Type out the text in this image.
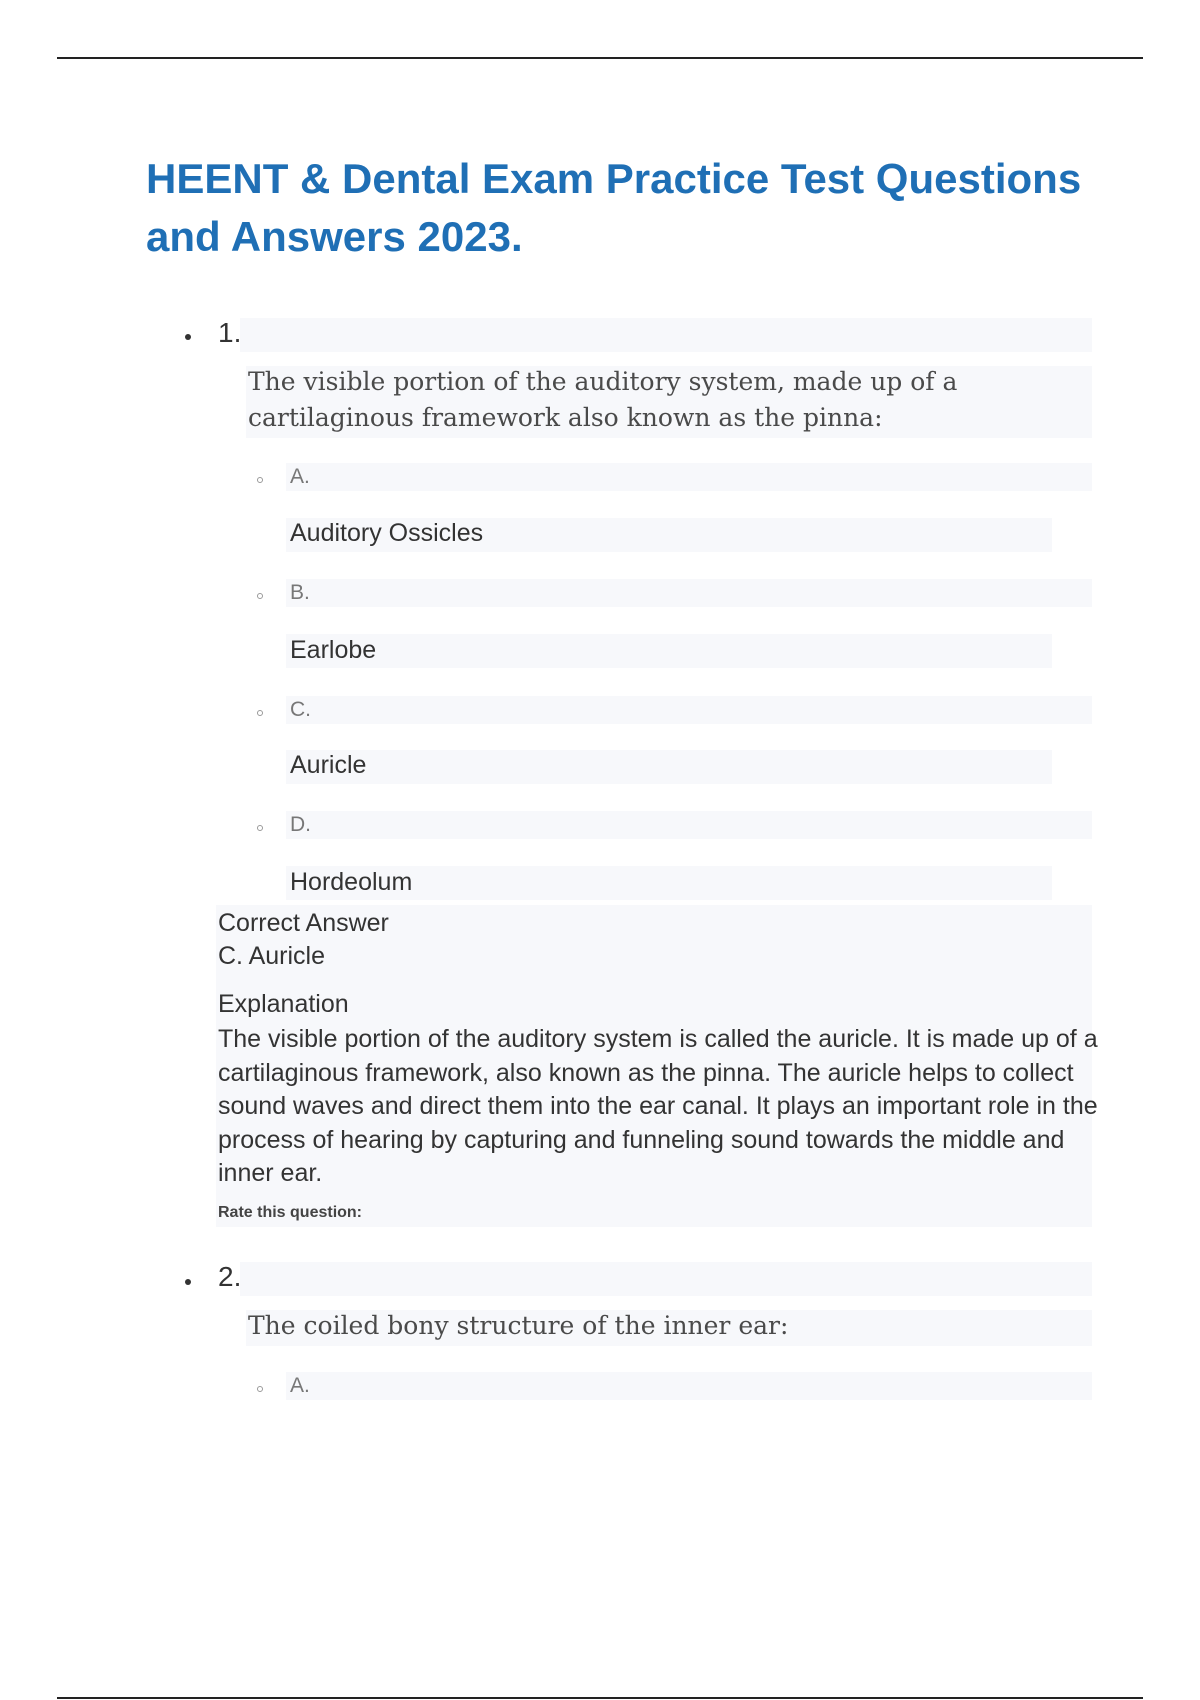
HEENT & Dental Exam Practice Test Questions and Answers 2023.
1.

The visible portion of the auditory system, made up of a cartilaginous framework also known as the pinna:

A.
Auditory Ossicles
B.
Earlobe
C.
Auricle
D.
Hordeolum
Correct Answer
C. Auricle
Explanation

The visible portion of the auditory system is called the auricle. It is made up of a cartilaginous framework, also known as the pinna. The auricle helps to collect sound waves and direct them into the ear canal. It plays an important role in the process of hearing by capturing and funneling sound towards the middle and inner ear.

Rate this question:
2.

The coiled bony structure of the inner ear:

A.
